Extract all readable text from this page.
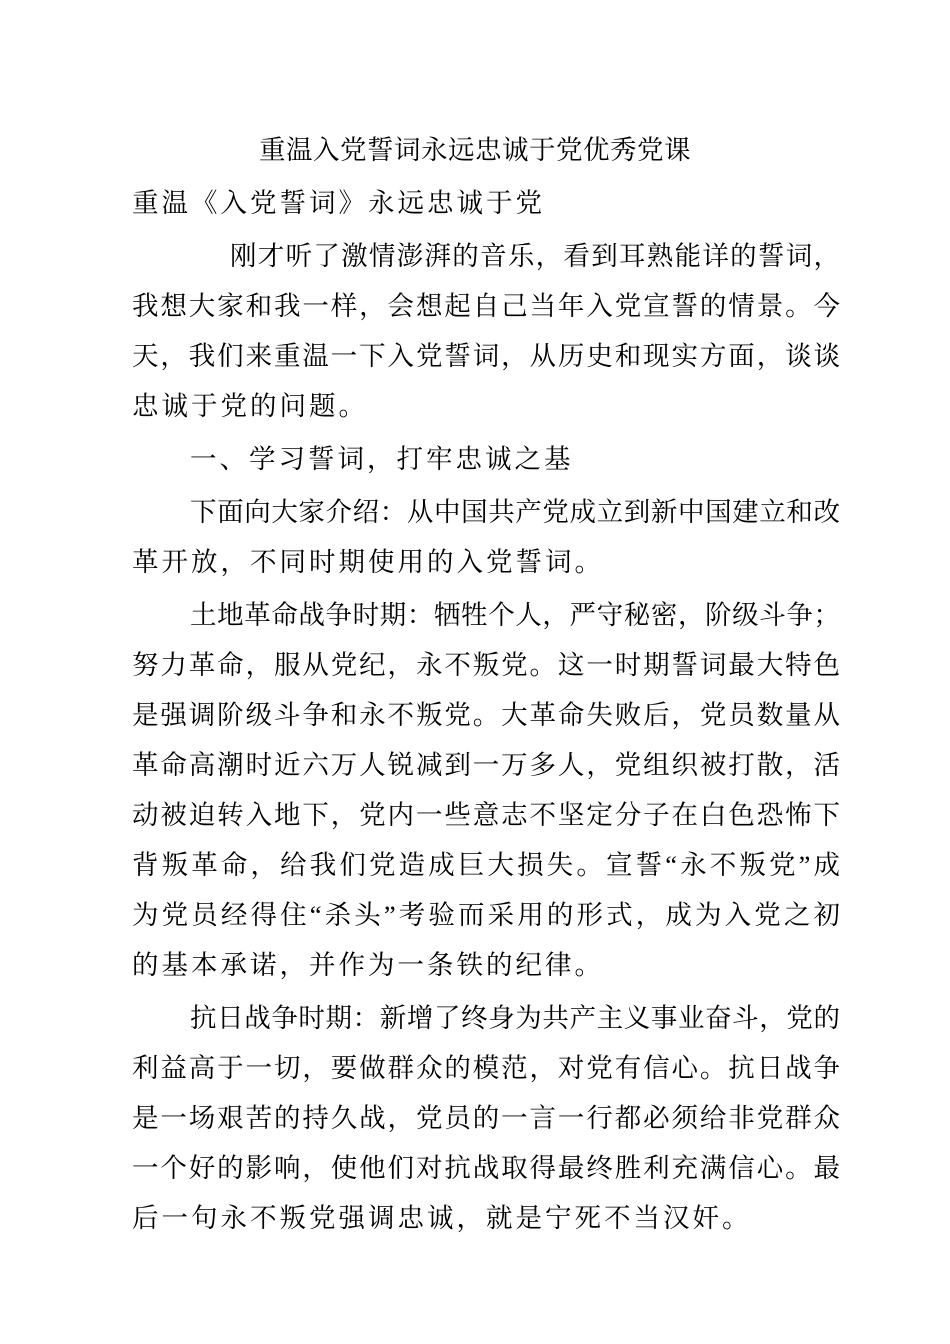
重温入党誓词永远忠诚于党优秀党课
重温《入党誓词》永远忠诚于党
刚才听了激情澎湃的音乐，看到耳熟能详的誓词，
我想大家和我一样，会想起自己当年入党宣誓的情景。今
天，我们来重温一下入党誓词，从历史和现实方面，谈谈
忠诚于党的问题。
一、学习誓词，打牢忠诚之基
下面向大家介绍：从中国共产党成立到新中国建立和改
革开放，不同时期使用的入党誓词。
土地革命战争时期：牺牲个人，严守秘密，阶级斗争；
努力革命，服从党纪，永不叛党。这一时期誓词最大特色
是强调阶级斗争和永不叛党。大革命失败后，党员数量从
革命高潮时近六万人锐减到一万多人，党组织被打散，活
动被迫转入地下，党内一些意志不坚定分子在白色恐怖下
背叛革命，给我们党造成巨大损失。宣誓“永不叛党”成
为党员经得住“杀头”考验而采用的形式，成为入党之初
的基本承诺，并作为一条铁的纪律。
抗日战争时期：新增了终身为共产主义事业奋斗，党的
利益高于一切，要做群众的模范，对党有信心。抗日战争
是一场艰苦的持久战，党员的一言一行都必须给非党群众
一个好的影响，使他们对抗战取得最终胜利充满信心。最
后一句永不叛党强调忠诚，就是宁死不当汉奸。
